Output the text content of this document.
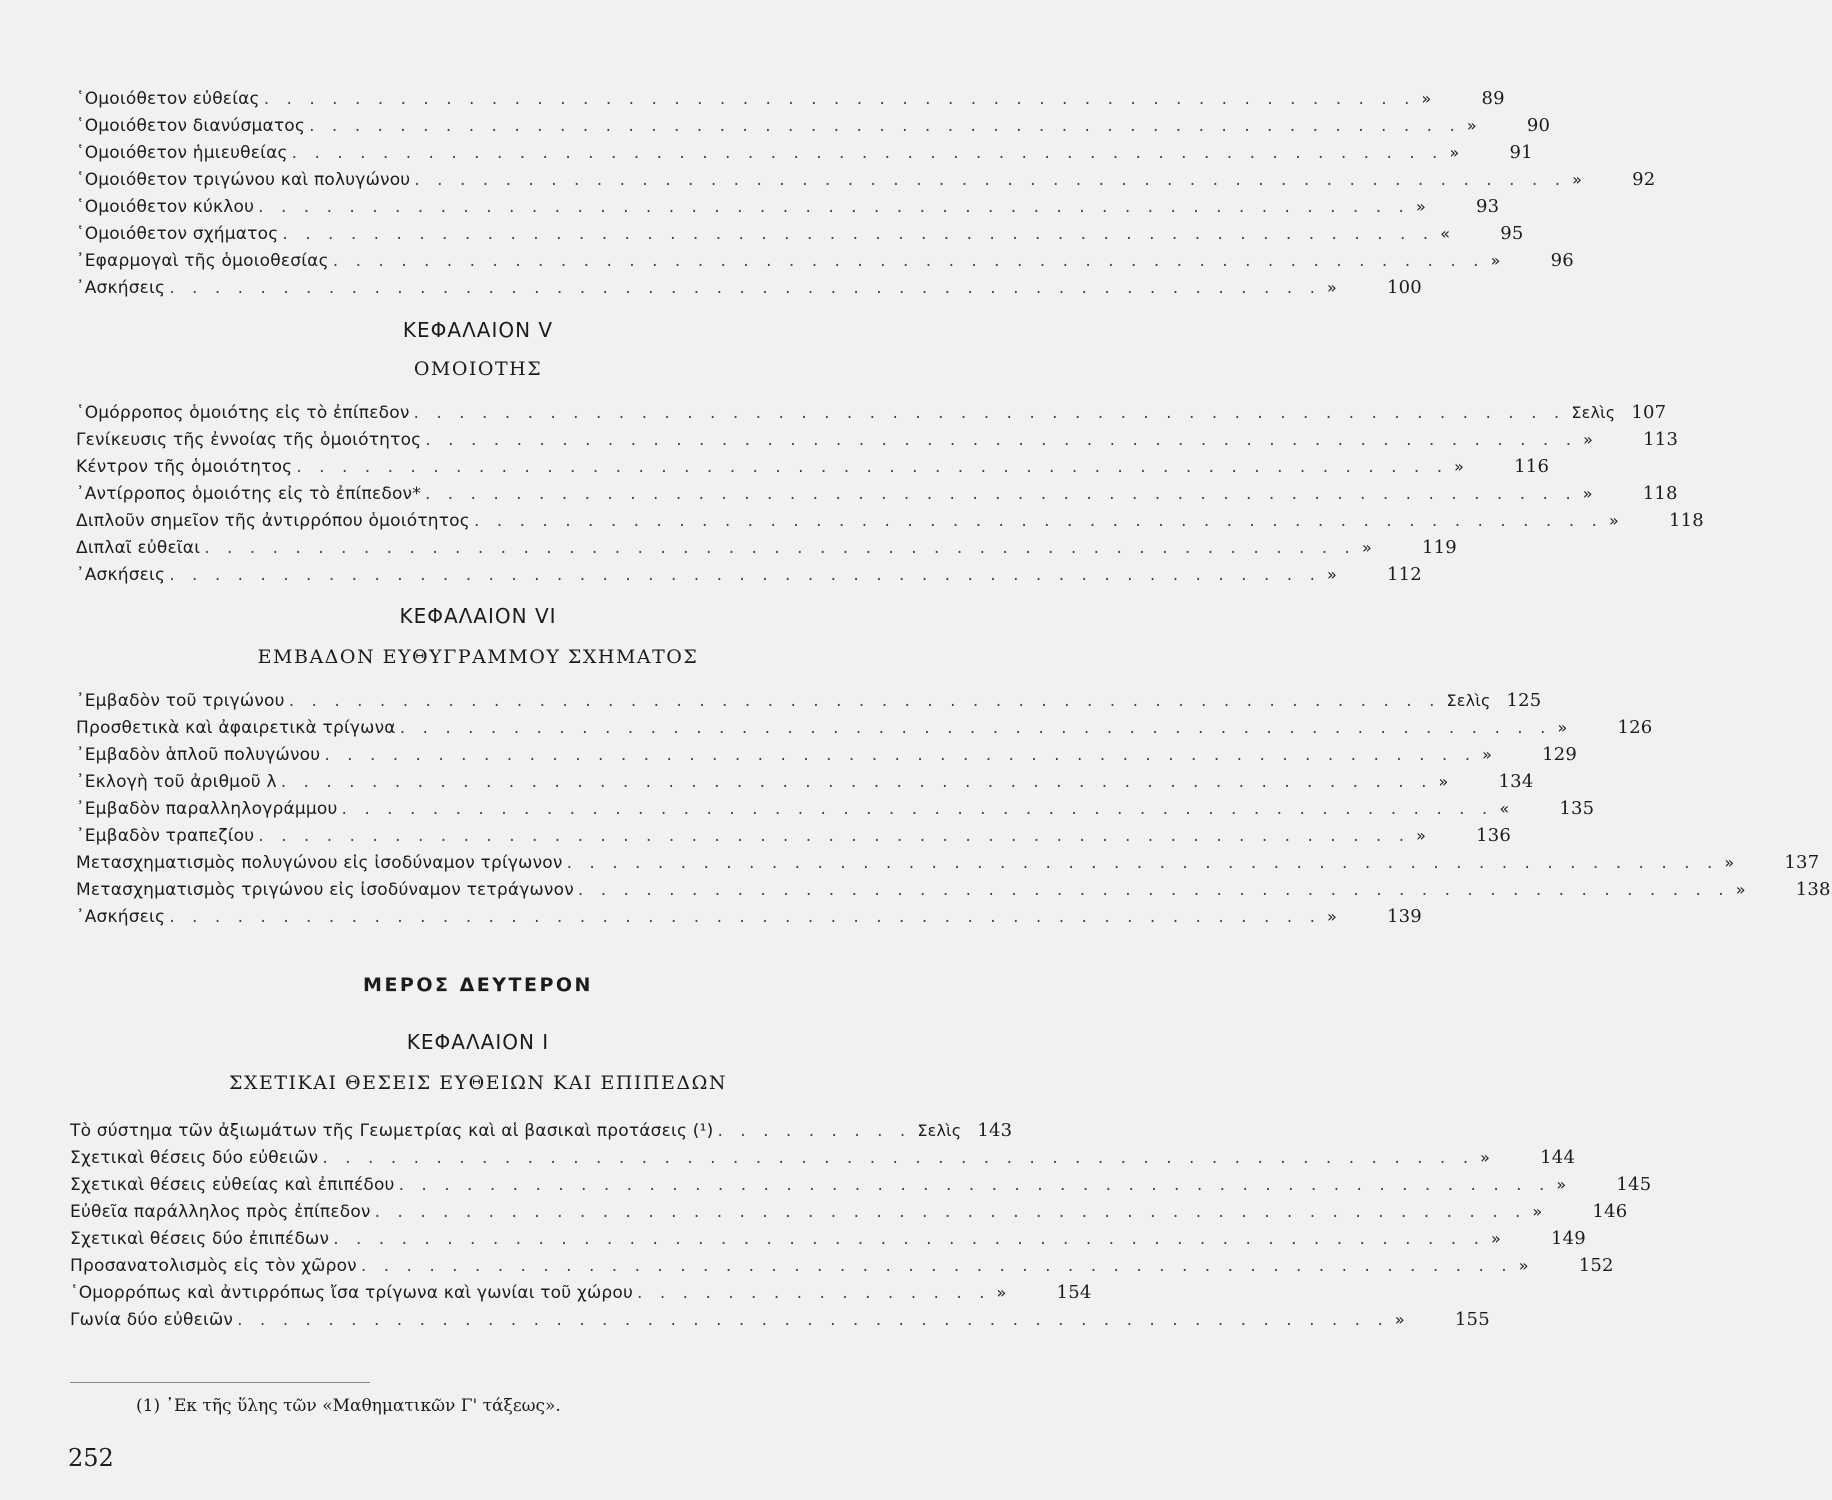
῾Ομοιόθετον εὐθείας . . . . . . . . . . . . . . . . . . . . . . . . . . . . . . . . . . . . . . . . . . . . . . . . . . . »	89
῾Ομοιόθετον διανύσματος . . . . . . . . . . . . . . . . . . . . . . . . . . . . . . . . . . . . . . . . . . . . . . . . . . . »	90
῾Ομοιόθετον ἡμιευθείας . . . . . . . . . . . . . . . . . . . . . . . . . . . . . . . . . . . . . . . . . . . . . . . . . . . »	91
῾Ομοιόθετον τριγώνου καὶ πολυγώνου . . . . . . . . . . . . . . . . . . . . . . . . . . . . . . . . . . . . . . . . . . . . . . . . . . . »	92
῾Ομοιόθετον κύκλου . . . . . . . . . . . . . . . . . . . . . . . . . . . . . . . . . . . . . . . . . . . . . . . . . . . »	93
῾Ομοιόθετον σχήματος . . . . . . . . . . . . . . . . . . . . . . . . . . . . . . . . . . . . . . . . . . . . . . . . . . . «	95
᾽Εφαρμογαὶ τῆς ὁμοιοθεσίας . . . . . . . . . . . . . . . . . . . . . . . . . . . . . . . . . . . . . . . . . . . . . . . . . . . »	96
᾽Ασκήσεις . . . . . . . . . . . . . . . . . . . . . . . . . . . . . . . . . . . . . . . . . . . . . . . . . . . »	100
ΚΕΦΑΛΑΙΟΝ V
ΟΜΟΙΟΤΗΣ
῾Ομόρροπος ὁμοιότης εἰς τὸ ἐπίπεδον . . . . . . . . . . . . . . . . . . . . . . . . . . . . . . . . . . . . . . . . . . . . . . . . . . . Σελὶς 107
Γενίκευσις τῆς ἐννοίας τῆς ὁμοιότητος . . . . . . . . . . . . . . . . . . . . . . . . . . . . . . . . . . . . . . . . . . . . . . . . . . . »	113
Κέντρον τῆς ὁμοιότητος . . . . . . . . . . . . . . . . . . . . . . . . . . . . . . . . . . . . . . . . . . . . . . . . . . . »	116
᾽Αντίρροπος ὁμοιότης εἰς τὸ ἐπίπεδον* . . . . . . . . . . . . . . . . . . . . . . . . . . . . . . . . . . . . . . . . . . . . . . . . . . . »	118
Διπλοῦν σημεῖον τῆς ἀντιρρόπου ὁμοιότητος . . . . . . . . . . . . . . . . . . . . . . . . . . . . . . . . . . . . . . . . . . . . . . . . . . »	118
Διπλαῖ εὐθεῖαι . . . . . . . . . . . . . . . . . . . . . . . . . . . . . . . . . . . . . . . . . . . . . . . . . . . »	119
᾽Ασκήσεις . . . . . . . . . . . . . . . . . . . . . . . . . . . . . . . . . . . . . . . . . . . . . . . . . . . »	112
ΚΕΦΑΛΑΙΟΝ VI
ΕΜΒΑΔΟΝ ΕΥΘΥΓΡΑΜΜΟΥ ΣΧΗΜΑΤΟΣ
᾽Εμβαδὸν τοῦ τριγώνου . . . . . . . . . . . . . . . . . . . . . . . . . . . . . . . . . . . . . . . . . . . . . . . . . . . Σελὶς 125
Προσθετικὰ καὶ ἀφαιρετικὰ τρίγωνα . . . . . . . . . . . . . . . . . . . . . . . . . . . . . . . . . . . . . . . . . . . . . . . . . . . »	126
᾽Εμβαδὸν ἁπλοῦ πολυγώνου . . . . . . . . . . . . . . . . . . . . . . . . . . . . . . . . . . . . . . . . . . . . . . . . . . . »	129
᾽Εκλογὴ τοῦ ἀριθμοῦ λ . . . . . . . . . . . . . . . . . . . . . . . . . . . . . . . . . . . . . . . . . . . . . . . . . . . »	134
᾽Εμβαδὸν παραλληλογράμμου . . . . . . . . . . . . . . . . . . . . . . . . . . . . . . . . . . . . . . . . . . . . . . . . . . . «	135
᾽Εμβαδὸν τραπεζίου . . . . . . . . . . . . . . . . . . . . . . . . . . . . . . . . . . . . . . . . . . . . . . . . . . . »	136
Μετασχηματισμὸς πολυγώνου εἰς ἰσοδύναμον τρίγωνον . . . . . . . . . . . . . . . . . . . . . . . . . . . . . . . . . . . . . . . . . . . . . . . . . . . »	137
Μετασχηματισμὸς τριγώνου εἰς ἰσοδύναμον τετράγωνον . . . . . . . . . . . . . . . . . . . . . . . . . . . . . . . . . . . . . . . . . . . . . . . . . . . »	138
᾽Ασκήσεις . . . . . . . . . . . . . . . . . . . . . . . . . . . . . . . . . . . . . . . . . . . . . . . . . . . »	139
ΜΕΡΟΣ ΔΕΥΤΕΡΟΝ
ΚΕΦΑΛΑΙΟΝ Ι
ΣΧΕΤΙΚΑΙ ΘΕΣΕΙΣ ΕΥΘΕΙΩΝ ΚΑΙ ΕΠΙΠΕΔΩΝ
Τὸ σύστημα τῶν ἀξιωμάτων τῆς Γεωμετρίας καὶ αἱ βασικαὶ προτάσεις (¹) . . . . . . . . . Σελὶς 143
Σχετικαὶ θέσεις δύο εὐθειῶν . . . . . . . . . . . . . . . . . . . . . . . . . . . . . . . . . . . . . . . . . . . . . . . . . . . »	144
Σχετικαὶ θέσεις εὐθείας καὶ ἐπιπέδου . . . . . . . . . . . . . . . . . . . . . . . . . . . . . . . . . . . . . . . . . . . . . . . . . . . »	145
Εὐθεῖα παράλληλος πρὸς ἐπίπεδον . . . . . . . . . . . . . . . . . . . . . . . . . . . . . . . . . . . . . . . . . . . . . . . . . . . »	146
Σχετικαὶ θέσεις δύο ἐπιπέδων . . . . . . . . . . . . . . . . . . . . . . . . . . . . . . . . . . . . . . . . . . . . . . . . . . . »	149
Προσανατολισμὸς εἰς τὸν χῶρον . . . . . . . . . . . . . . . . . . . . . . . . . . . . . . . . . . . . . . . . . . . . . . . . . . . »	152
῾Ομορρόπως καὶ ἀντιρρόπως ἴσα τρίγωνα καὶ γωνίαι τοῦ χώρου . . . . . . . . . . . . . . . . »	154
Γωνία δύο εὐθειῶν . . . . . . . . . . . . . . . . . . . . . . . . . . . . . . . . . . . . . . . . . . . . . . . . . . . »	155
(1) ᾽Εκ τῆς ὕλης τῶν «Μαθηματικῶν Γ' τάξεως».
252
